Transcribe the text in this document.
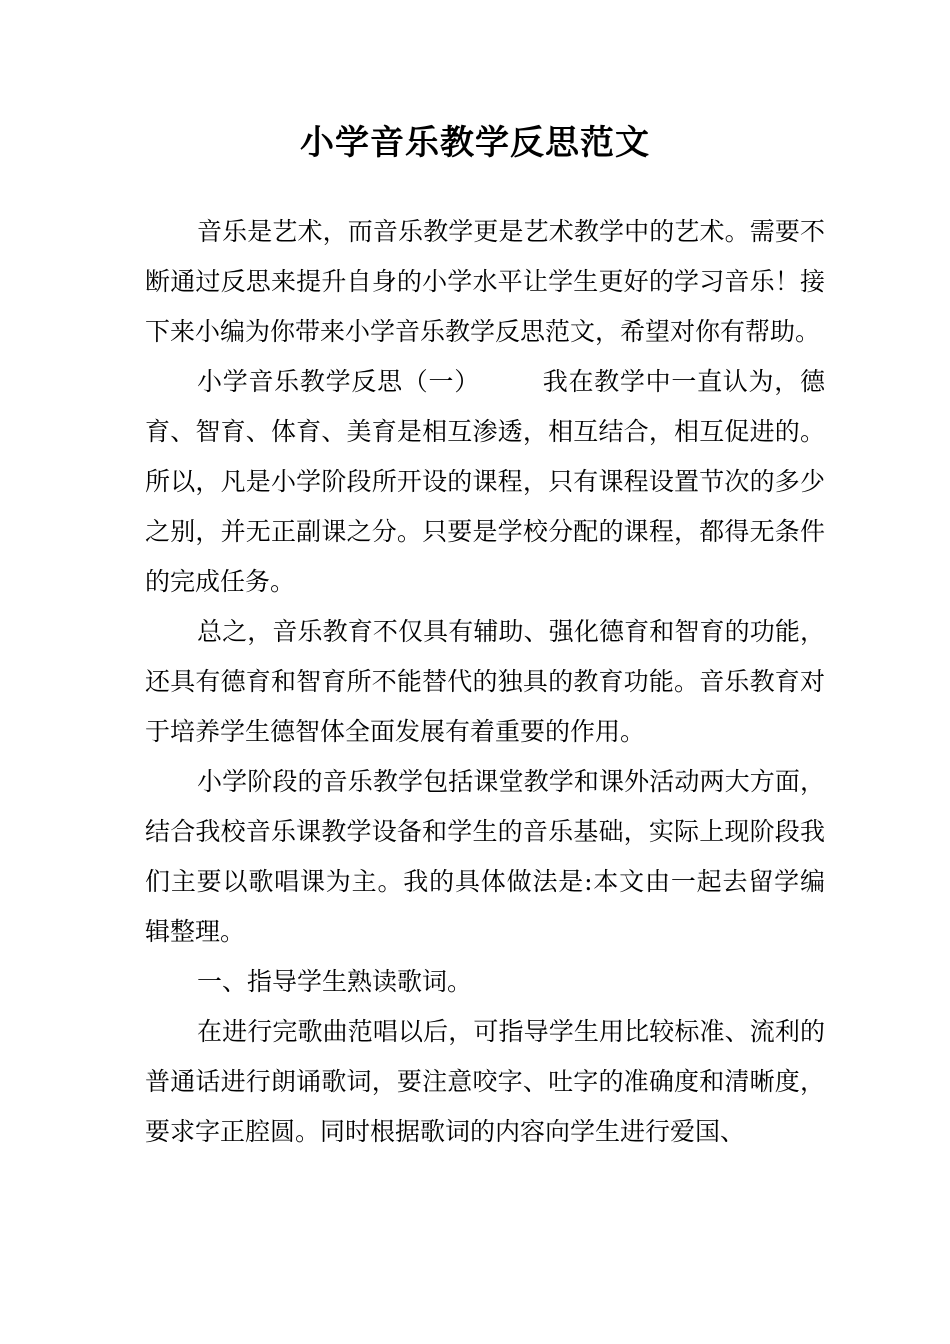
小学音乐教学反思范文

音乐是艺术，而音乐教学更是艺术教学中的艺术。需要不断通过反思来提升自身的小学水平让学生更好的学习音乐！接下来小编为你带来小学音乐教学反思范文，希望对你有帮助。

小学音乐教学反思（一） 我在教学中一直认为，德育、智育、体育、美育是相互渗透，相互结合，相互促进的。所以，凡是小学阶段所开设的课程，只有课程设置节次的多少之别，并无正副课之分。只要是学校分配的课程，都得无条件的完成任务。

总之，音乐教育不仅具有辅助、强化德育和智育的功能，还具有德育和智育所不能替代的独具的教育功能。音乐教育对于培养学生德智体全面发展有着重要的作用。

小学阶段的音乐教学包括课堂教学和课外活动两大方面，结合我校音乐课教学设备和学生的音乐基础，实际上现阶段我们主要以歌唱课为主。我的具体做法是:本文由一起去留学编辑整理。

一、指导学生熟读歌词。

在进行完歌曲范唱以后，可指导学生用比较标准、流利的普通话进行朗诵歌词，要注意咬字、吐字的准确度和清晰度，要求字正腔圆。同时根据歌词的内容向学生进行爱国、
